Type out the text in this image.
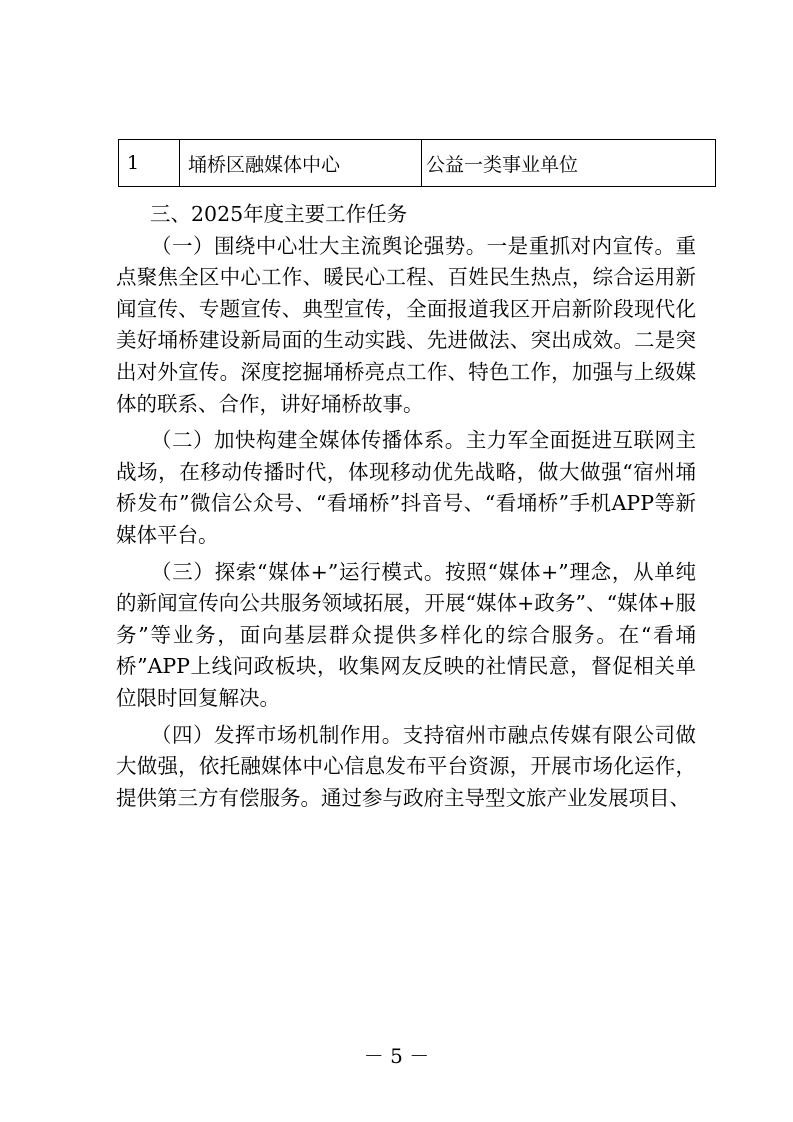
1	埇桥区融媒体中心	公益一类事业单位

三、2025年度主要工作任务

（一）围绕中心壮大主流舆论强势。一是重抓对内宣传。重点聚焦全区中心工作、暖民心工程、百姓民生热点，综合运用新闻宣传、专题宣传、典型宣传，全面报道我区开启新阶段现代化美好埇桥建设新局面的生动实践、先进做法、突出成效。二是突出对外宣传。深度挖掘埇桥亮点工作、特色工作，加强与上级媒体的联系、合作，讲好埇桥故事。

（二）加快构建全媒体传播体系。主力军全面挺进互联网主战场，在移动传播时代，体现移动优先战略，做大做强“宿州埇桥发布”微信公众号、“看埇桥”抖音号、“看埇桥”手机APP等新媒体平台。

（三）探索“媒体+”运行模式。按照“媒体+”理念，从单纯的新闻宣传向公共服务领域拓展，开展“媒体+政务”、“媒体+服务”等业务，面向基层群众提供多样化的综合服务。在“看埇桥”APP上线问政板块，收集网友反映的社情民意，督促相关单位限时回复解决。

（四）发挥市场机制作用。支持宿州市融点传媒有限公司做大做强，依托融媒体中心信息发布平台资源，开展市场化运作，提供第三方有偿服务。通过参与政府主导型文旅产业发展项目、

－ 5 －
